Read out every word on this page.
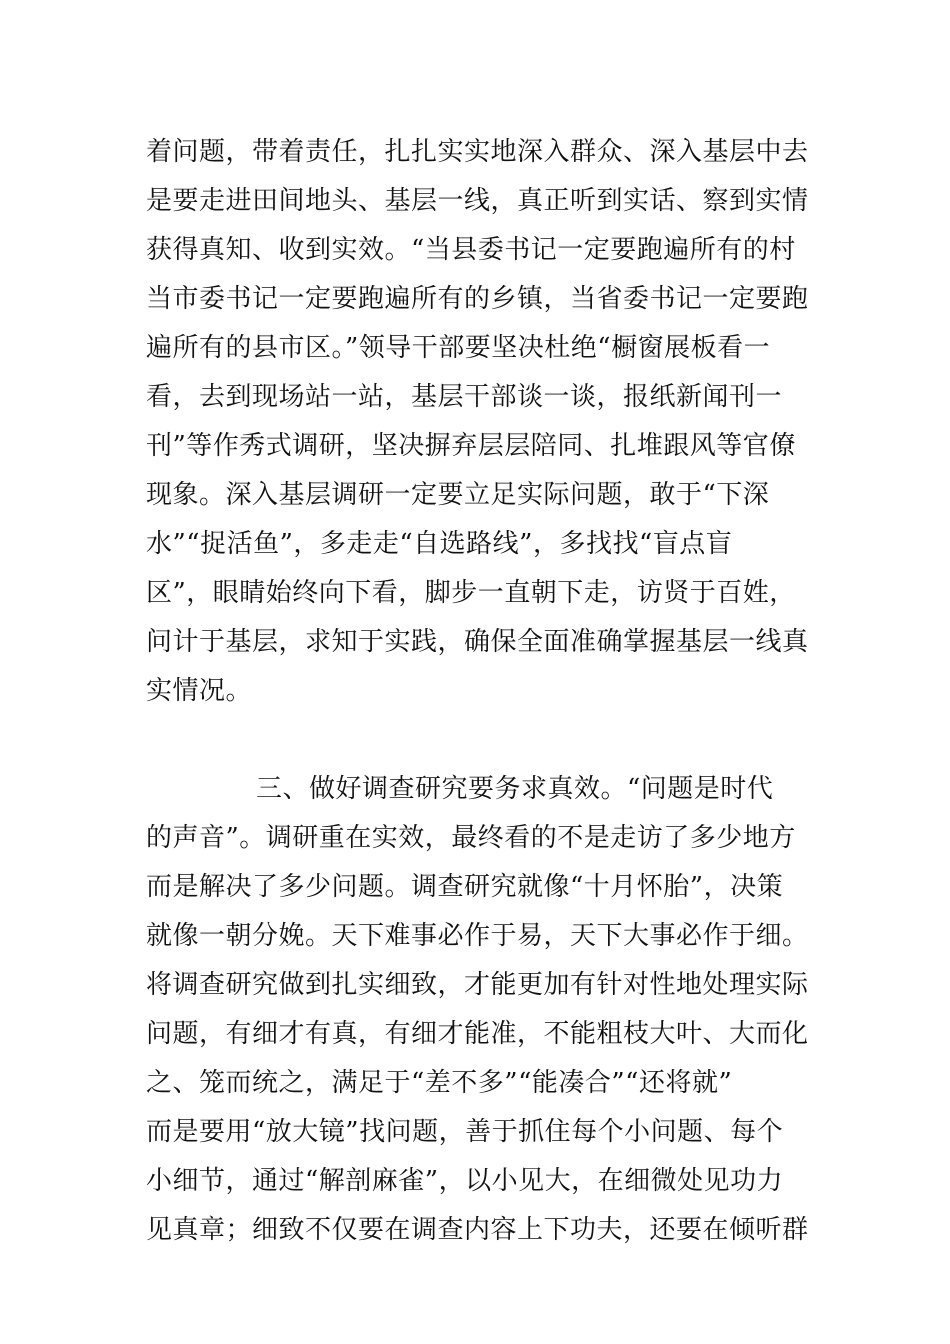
着问题，带着责任，扎扎实实地深入群众、深入基层中去
是要走进田间地头、基层一线，真正听到实话、察到实情
获得真知、收到实效。“当县委书记一定要跑遍所有的村
当市委书记一定要跑遍所有的乡镇，当省委书记一定要跑
遍所有的县市区。”领导干部要坚决杜绝“橱窗展板看一
看，去到现场站一站，基层干部谈一谈，报纸新闻刊一
刊”等作秀式调研，坚决摒弃层层陪同、扎堆跟风等官僚
现象。深入基层调研一定要立足实际问题，敢于“下深
水”“捉活鱼”，多走走“自选路线”，多找找“盲点盲
区”，眼睛始终向下看，脚步一直朝下走，访贤于百姓，
问计于基层，求知于实践，确保全面准确掌握基层一线真
实情况。
三、做好调查研究要务求真效。“问题是时代
的声音”。调研重在实效，最终看的不是走访了多少地方
而是解决了多少问题。调查研究就像“十月怀胎”，决策
就像一朝分娩。天下难事必作于易，天下大事必作于细。
将调查研究做到扎实细致，才能更加有针对性地处理实际
问题，有细才有真，有细才能准，不能粗枝大叶、大而化
之、笼而统之，满足于“差不多”“能凑合”“还将就”
而是要用“放大镜”找问题，善于抓住每个小问题、每个
小细节，通过“解剖麻雀”，以小见大，在细微处见功力
见真章；细致不仅要在调查内容上下功夫，还要在倾听群
